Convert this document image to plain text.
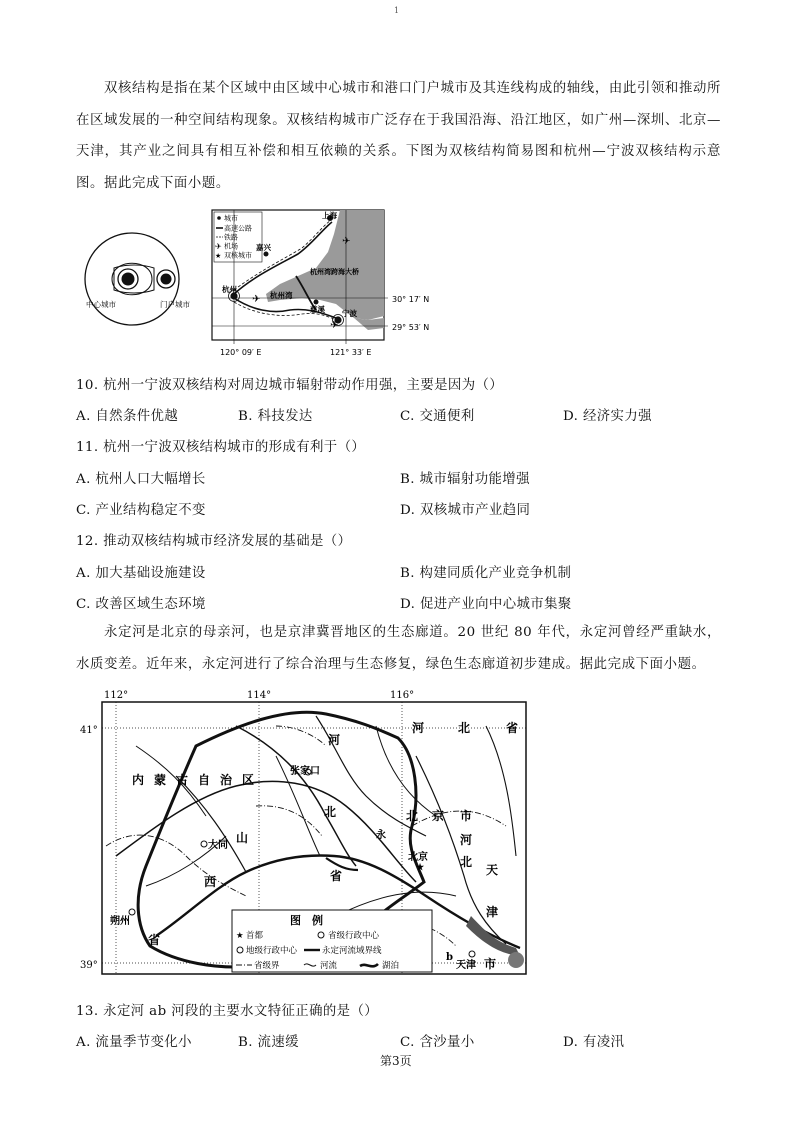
1

双核结构是指在某个区域中由区域中心城市和港口门户城市及其连线构成的轴线，由此引领和推动所在区域发展的一种空间结构现象。双核结构城市广泛存在于我国沿海、沿江地区，如广州—深圳、北京—天津，其产业之间具有相互补偿和相互依赖的关系。下图为双核结构简易图和杭州—宁波双核结构示意图。据此完成下面小题。

中心城市	门户城市
✈
✈
✈
城市
高速公路
铁路
✈ 机场
★ 双核城市
上海
嘉兴
杭州
杭州湾
慈溪 宁波
杭州湾跨海大桥
30° 17′ N
29° 53′ N
120° 09′ E	121° 33′ E
10. 杭州一宁波双核结构对周边城市辐射带动作用强，主要是因为（）
A. 自然条件优越	B. 科技发达	C. 交通便利	D. 经济实力强
11. 杭州一宁波双核结构城市的形成有利于（）
A. 杭州人口大幅增长	B. 城市辐射功能增强
C. 产业结构稳定不变	D. 双核城市产业趋同
12. 推动双核结构城市经济发展的基础是（）
A. 加大基础设施建设	B. 构建同质化产业竞争机制
C. 改善区域生态环境	D. 促进产业向中心城市集聚

永定河是北京的母亲河，也是京津冀晋地区的生态廊道。20 世纪 80 年代，永定河曾经严重缺水，水质变差。近年来，永定河进行了综合治理与生态修复，绿色生态廊道初步建成。据此完成下面小题。

112°	114°	116°
41°
39°
内 蒙 古 自 治 区
河	北	省
河
北
省
河
北
山
西
省
北 京 市
天
津
市
张家口
大同
朔州
★
北京
天津
永
b
图　例
★ 首都	省级行政中心
地级行政中心	永定河流域界线
省级界	河流	湖泊
13. 永定河 ab 河段的主要水文特征正确的是（）
A. 流量季节变化小	B. 流速缓	C. 含沙量小	D. 有凌汛
第3页
